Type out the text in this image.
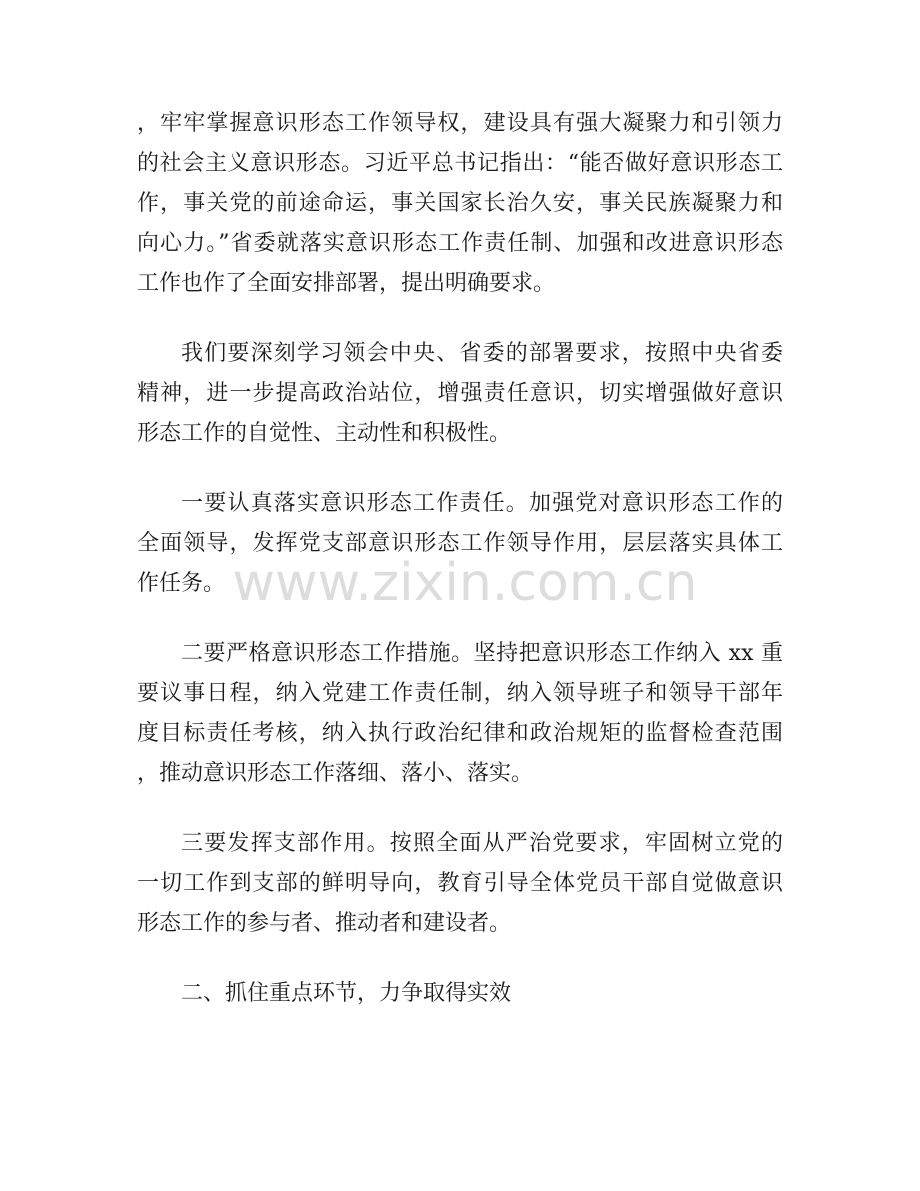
，牢牢掌握意识形态工作领导权，建设具有强大凝聚力和引领力
的社会主义意识形态。习近平总书记指出：“能否做好意识形态工
作，事关党的前途命运，事关国家长治久安，事关民族凝聚力和
向心力。”省委就落实意识形态工作责任制、加强和改进意识形态
工作也作了全面安排部署，提出明确要求。
我们要深刻学习领会中央、省委的部署要求，按照中央省委
精神，进一步提高政治站位，增强责任意识，切实增强做好意识
形态工作的自觉性、主动性和积极性。
一要认真落实意识形态工作责任。加强党对意识形态工作的
全面领导，发挥党支部意识形态工作领导作用，层层落实具体工
作任务。
二要严格意识形态工作措施。坚持把意识形态工作纳入 xx 重
要议事日程，纳入党建工作责任制，纳入领导班子和领导干部年
度目标责任考核，纳入执行政治纪律和政治规矩的监督检查范围
，推动意识形态工作落细、落小、落实。
三要发挥支部作用。按照全面从严治党要求，牢固树立党的
一切工作到支部的鲜明导向，教育引导全体党员干部自觉做意识
形态工作的参与者、推动者和建设者。
二、抓住重点环节，力争取得实效
www.zixin.com.cn
